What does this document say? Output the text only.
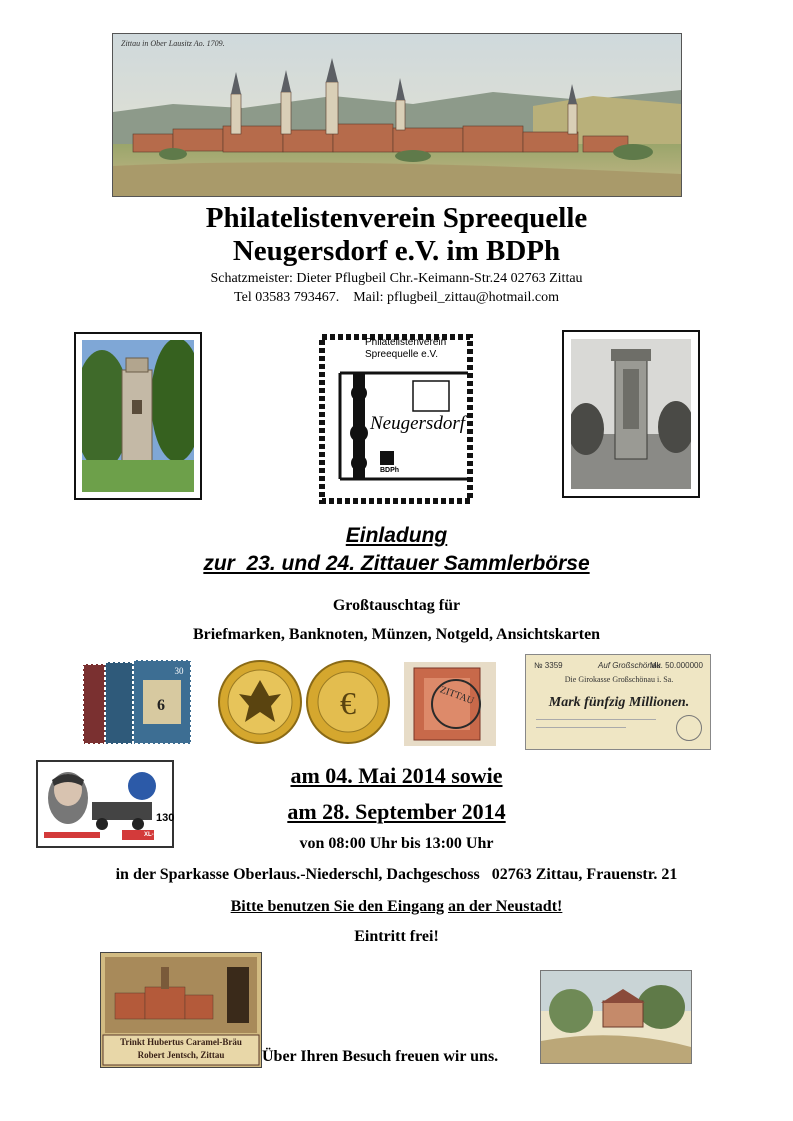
Zittau in Ober Lausitz Ao. 1709.
Philatelistenverein Spreequelle
Neugersdorf e.V. im BDPh
Schatzmeister: Dieter Pflugbeil Chr.-Keimann-Str.24 02763 Zittau
Tel 03583 793467. Mail: pflugbeil_zittau@hotmail.com
Philatelistenverein
Spreequelle e.V.
Neugersdorf
BDPh
Einladung
zur  23. und 24. Zittauer Sammlerbörse
Großtauschtag für
Briefmarken, Banknoten, Münzen, Notgeld, Ansichtskarten
6
30
€	ZITTAU
№ 3359	Auf Großschönau
Mk. 50.000000
Die Girokasse Großschönau i. Sa.
Mark fünfzig Millionen.
130
XL-Brief
am 04. Mai 2014 sowie
am 28. September 2014
von 08:00 Uhr bis 13:00 Uhr
in der Sparkasse Oberlaus.-Niederschl, Dachgeschoss   02763 Zittau, Frauenstr. 21
Bitte benutzen Sie den Eingang an der Neustadt!
Eintritt frei!
Trinkt Hubertus Caramel-Bräu
Robert Jentsch, Zittau	Über Ihren Besuch freuen wir uns.
